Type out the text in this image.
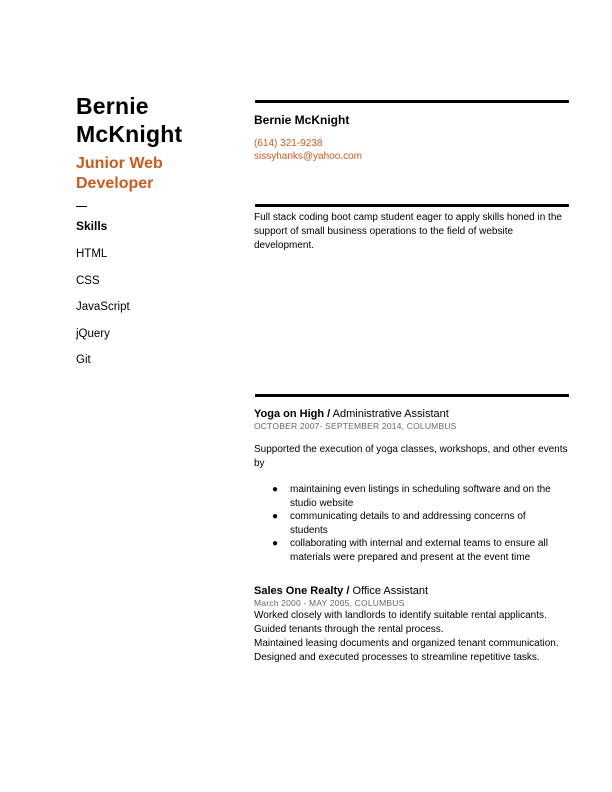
Bernie
McKnight
Junior Web
Developer
Skills
HTML
CSS
JavaScript
jQuery
Git
Bernie McKnight
(614) 321-9238
sissyhanks@yahoo.com
Full stack coding boot camp student eager to apply skills honed in the support of small business operations to the field of website development.
Yoga on High / Administrative Assistant
OCTOBER 2007- SEPTEMBER 2014, COLUMBUS
Supported the execution of yoga classes, workshops, and other events by
● maintaining even listings in scheduling software and on the studio website
● communicating details to and addressing concerns of students
● collaborating with internal and external teams to ensure all materials were prepared and present at the event time
Sales One Realty / Office Assistant
March 2000 - MAY 2005, COLUMBUS
Worked closely with landlords to identify suitable rental applicants.
Guided tenants through the rental process.
Maintained leasing documents and organized tenant communication.
Designed and executed processes to streamline repetitive tasks.
